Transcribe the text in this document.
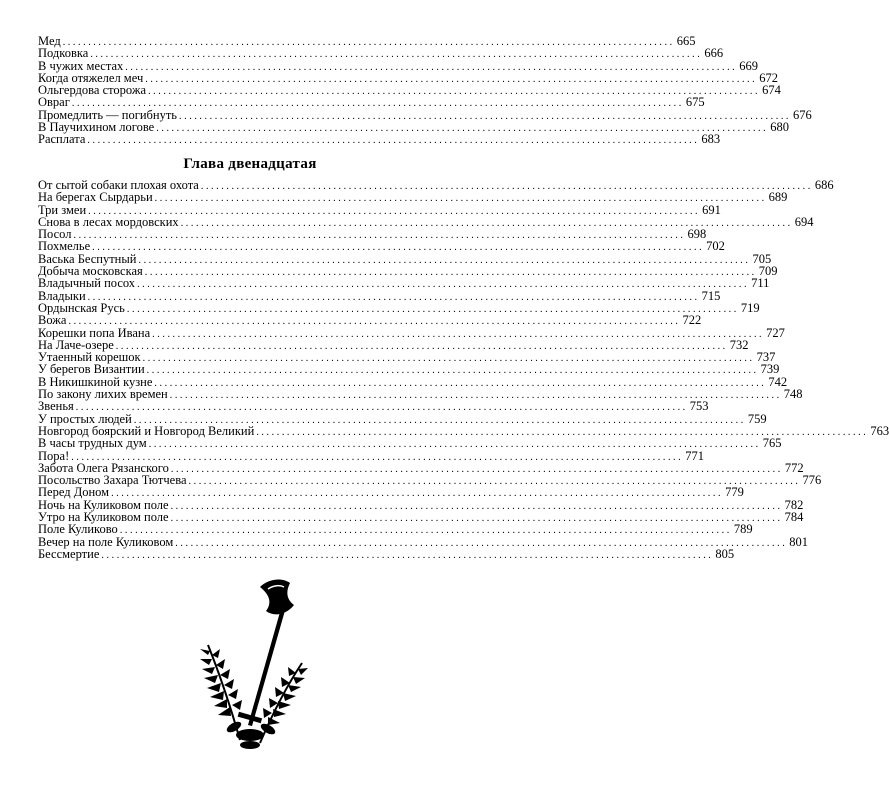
Мед ........................................................................................................................ 665
Подковка ........................................................................................................................ 666
В чужих местах ........................................................................................................................ 669
Когда отяжелел меч ........................................................................................................................ 672
Ольгердова сторожа ........................................................................................................................ 674
Овраг ........................................................................................................................ 675
Промедлить — погибнуть ........................................................................................................................ 676
В Паучихином логове ........................................................................................................................ 680
Расплата ........................................................................................................................ 683
Глава двенадцатая
От сытой собаки плохая охота ........................................................................................................................ 686
На берегах Сырдарьи ........................................................................................................................ 689
Три змеи ........................................................................................................................ 691
Снова в лесах мордовских ........................................................................................................................ 694
Посол ........................................................................................................................ 698
Похмелье ........................................................................................................................ 702
Васька Беспутный ........................................................................................................................ 705
Добыча московская ........................................................................................................................ 709
Владычный посох ........................................................................................................................ 711
Владыки ........................................................................................................................ 715
Ордынская Русь ........................................................................................................................ 719
Вожа ........................................................................................................................ 722
Корешки попа Ивана ........................................................................................................................ 727
На Лаче-озере ........................................................................................................................ 732
Утаенный корешок ........................................................................................................................ 737
У берегов Византии ........................................................................................................................ 739
В Никишкиной кузне ........................................................................................................................ 742
По закону лихих времен ........................................................................................................................ 748
Звенья ........................................................................................................................ 753
У простых людей ........................................................................................................................ 759
Новгород боярский и Новгород Великий ........................................................................................................................ 763
В часы трудных дум ........................................................................................................................ 765
Пора! ........................................................................................................................ 771
Забота Олега Рязанского ........................................................................................................................ 772
Посольство Захара Тютчева ........................................................................................................................ 776
Перед Доном ........................................................................................................................ 779
Ночь на Куликовом поле ........................................................................................................................ 782
Утро на Куликовом поле ........................................................................................................................ 784
Поле Куликово ........................................................................................................................ 789
Вечер на поле Куликовом ........................................................................................................................ 801
Бессмертие ........................................................................................................................ 805
